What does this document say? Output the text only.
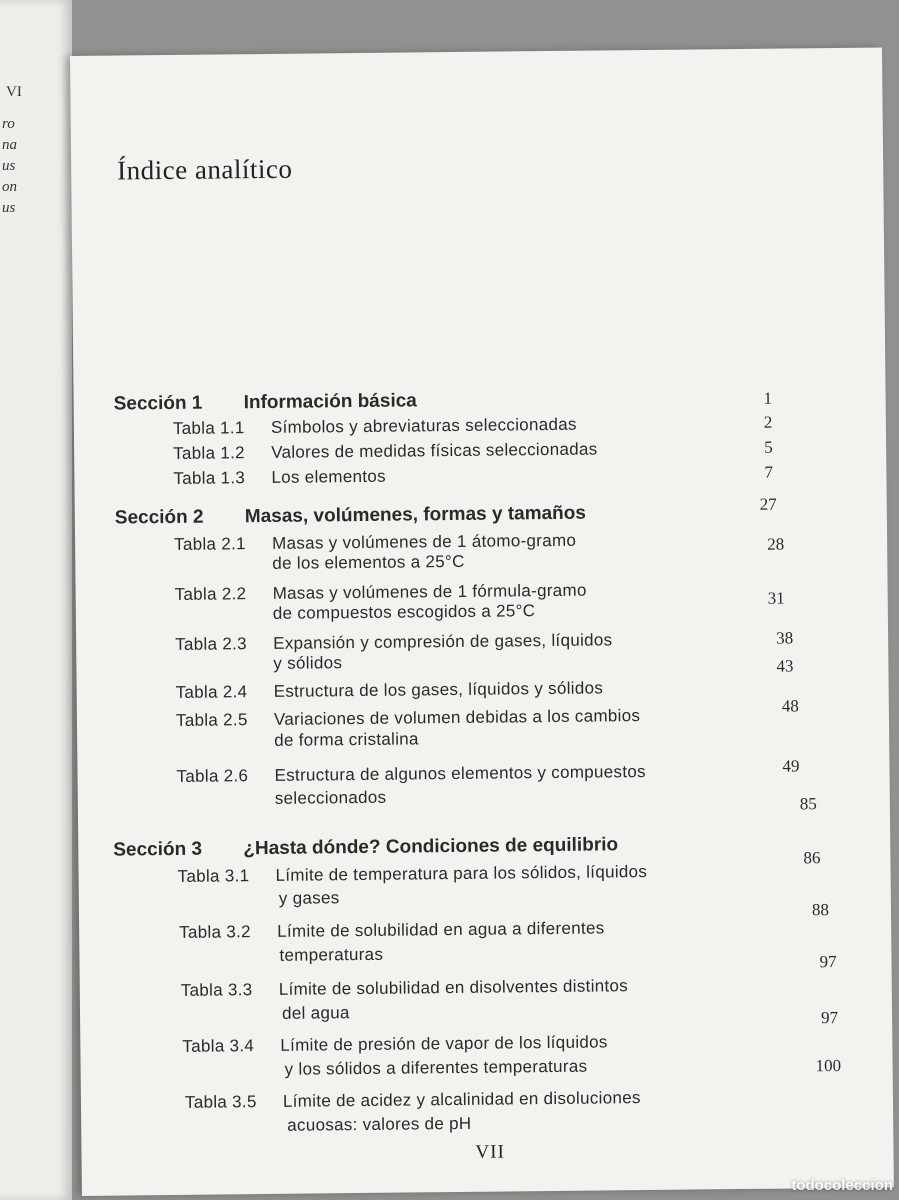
VI
ro
na
us
on
us
Índice analítico
Sección 1 Información básica	1
Tabla 1.1 Símbolos y abreviaturas seleccionadas	2
Tabla 1.2 Valores de medidas físicas seleccionadas	5
Tabla 1.3 Los elementos	7
Sección 2 Masas, volúmenes, formas y tamaños	27
Tabla 2.1 Masas y volúmenes de 1 átomo-gramo
de los elementos a 25°C
28
Tabla 2.2 Masas y volúmenes de 1 fórmula-gramo
de compuestos escogidos a 25°C
31
Tabla 2.3 Expansión y compresión de gases, líquidos
y sólidos
38
Tabla 2.4 Estructura de los gases, líquidos y sólidos
43
Tabla 2.5 Variaciones de volumen debidas a los cambios
de forma cristalina
48
Tabla 2.6 Estructura de algunos elementos y compuestos
seleccionados
49
Sección 3 ¿Hasta dónde? Condiciones de equilibrio
85
Tabla 3.1 Límite de temperatura para los sólidos, líquidos
y gases
86
Tabla 3.2 Límite de solubilidad en agua a diferentes
temperaturas
88
Tabla 3.3 Límite de solubilidad en disolventes distintos
del agua
97
Tabla 3.4 Límite de presión de vapor de los líquidos
y los sólidos a diferentes temperaturas
97
Tabla 3.5 Límite de acidez y alcalinidad en disoluciones
acuosas: valores de pH
100
VII
todocoleccion
